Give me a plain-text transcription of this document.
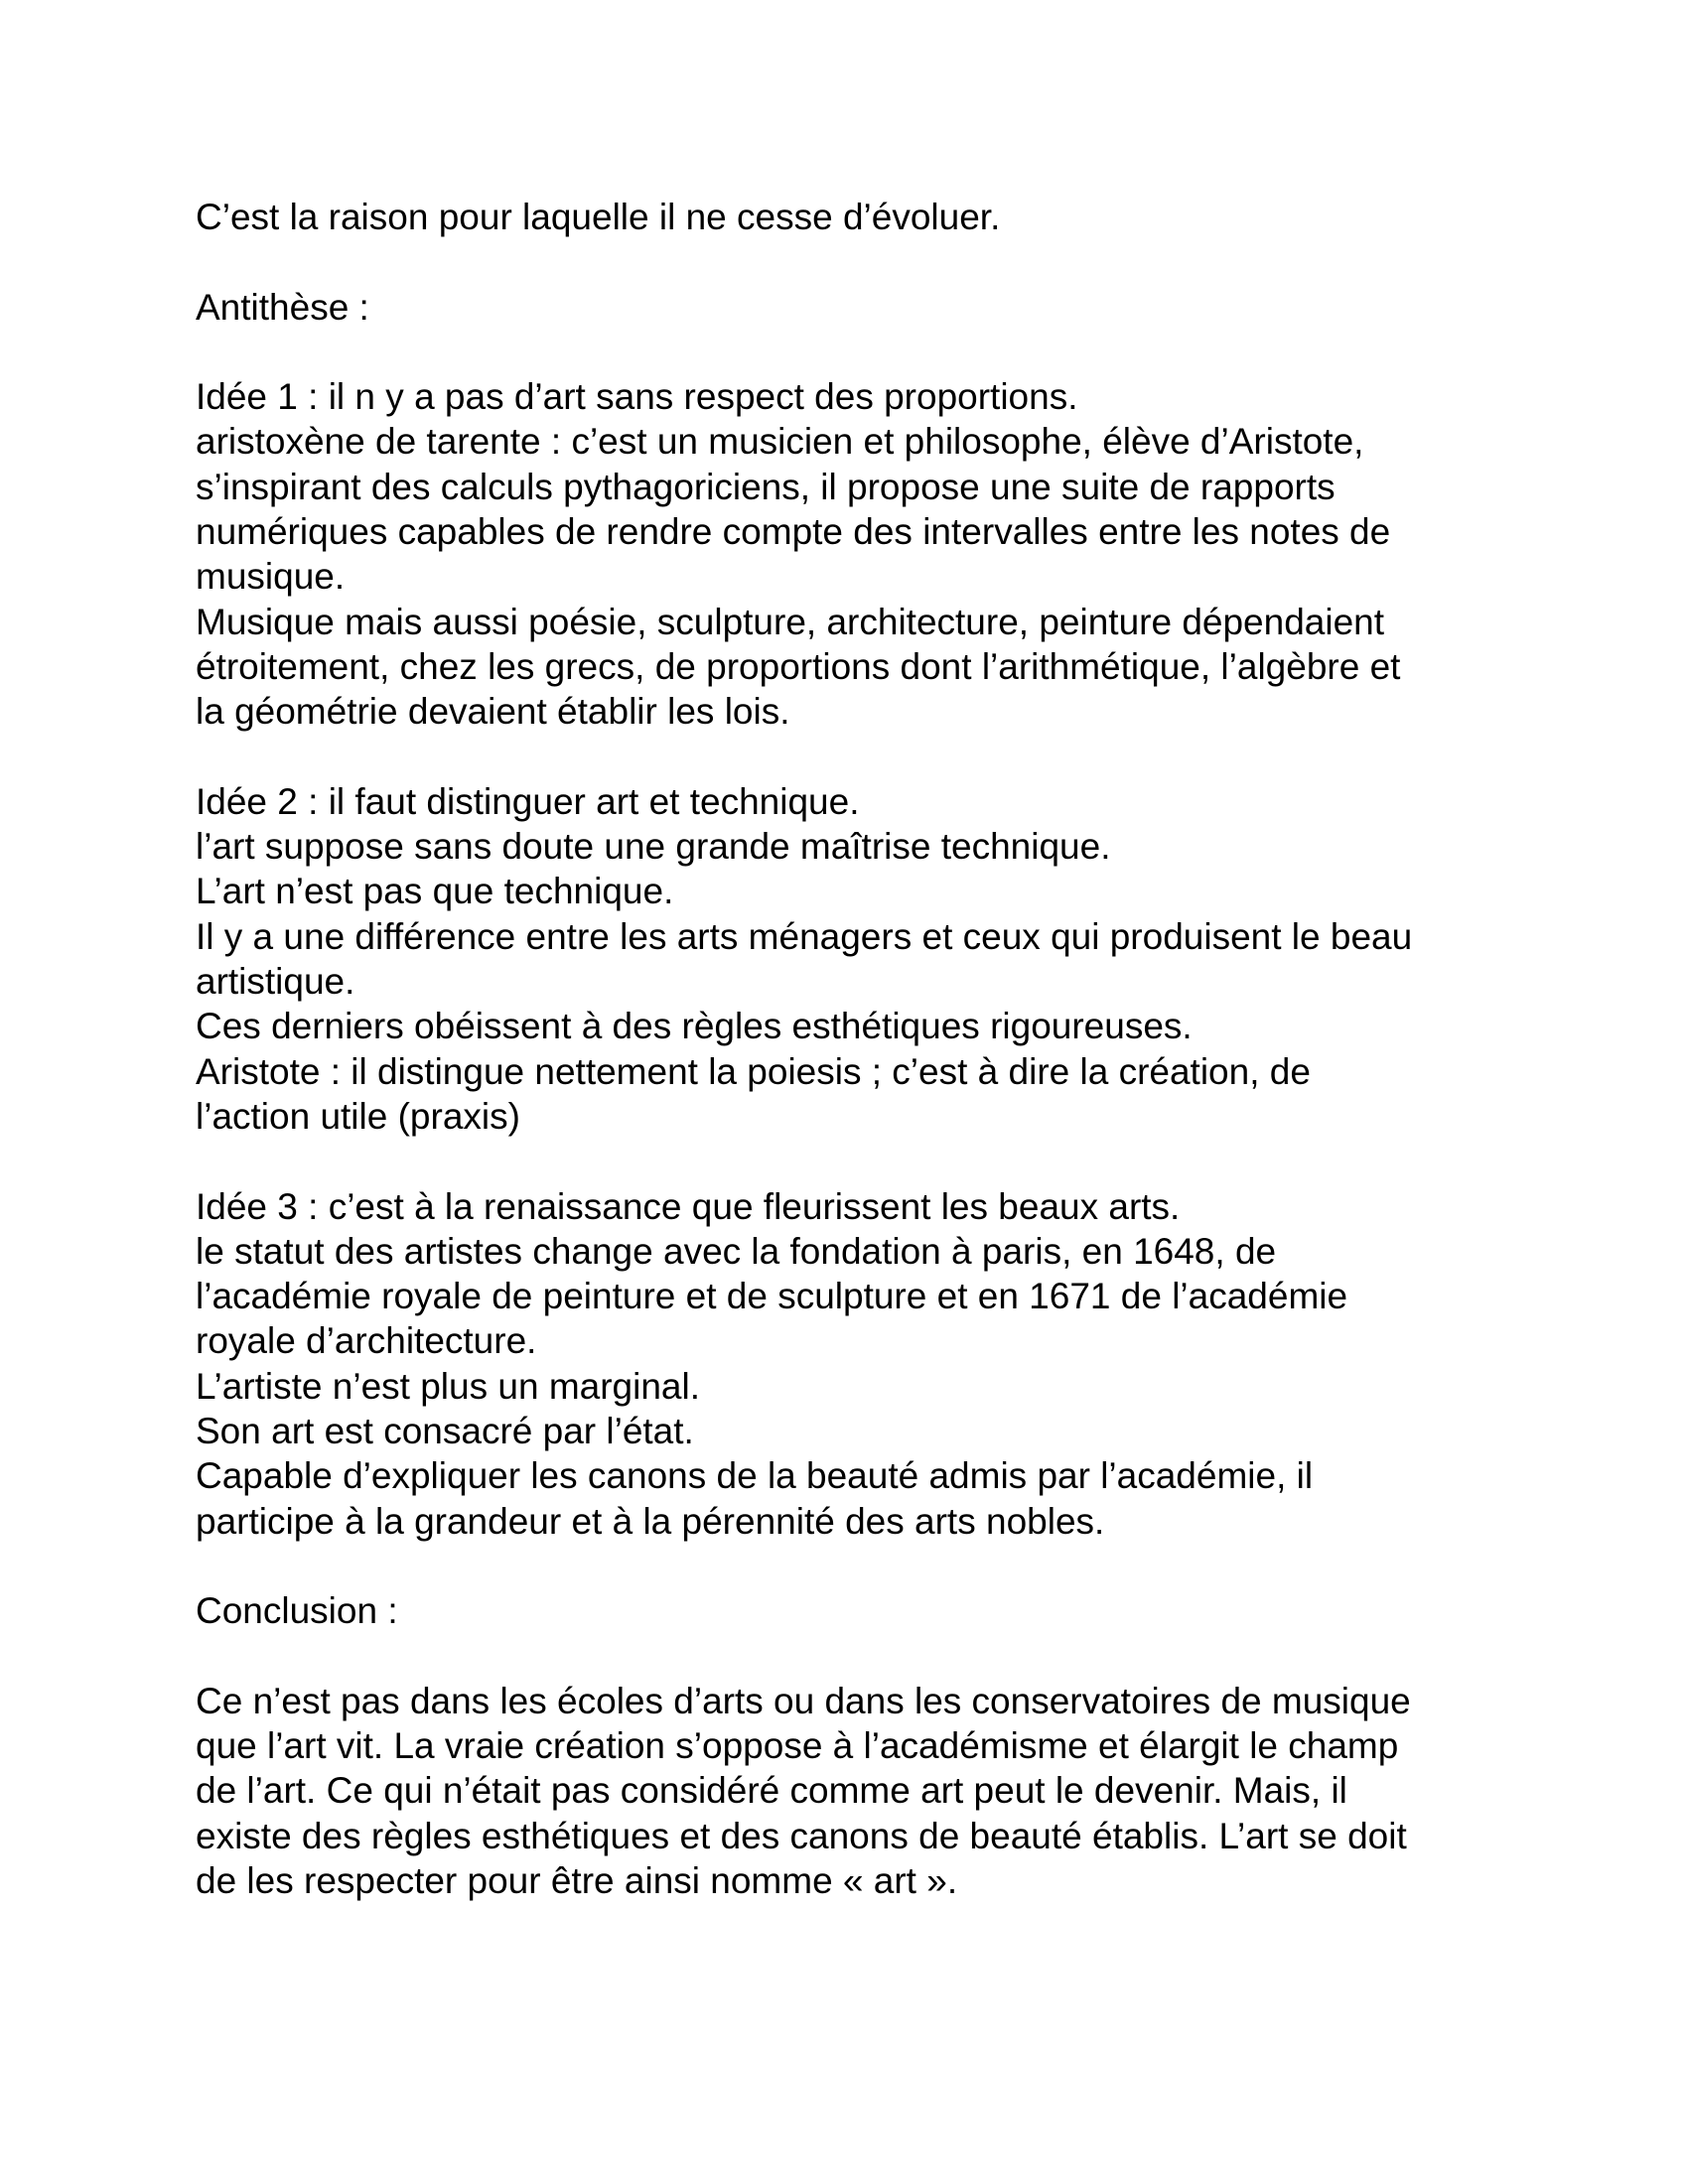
C’est la raison pour laquelle il ne cesse d’évoluer.
Antithèse :
Idée 1 : il n y a pas d’art sans respect des proportions.
aristoxène de tarente : c’est un musicien et philosophe, élève d’Aristote,
s’inspirant des calculs pythagoriciens, il propose une suite de rapports
numériques capables de rendre compte des intervalles entre les notes de
musique.
Musique mais aussi poésie, sculpture, architecture, peinture dépendaient
étroitement, chez les grecs, de proportions dont l’arithmétique, l’algèbre et
la géométrie devaient établir les lois.
Idée 2 : il faut distinguer art et technique.
l’art suppose sans doute une grande maîtrise technique.
L’art n’est pas que technique.
Il y a une différence entre les arts ménagers et ceux qui produisent le beau
artistique.
Ces derniers obéissent à des règles esthétiques rigoureuses.
Aristote : il distingue nettement la poiesis ; c’est à dire la création, de
l’action utile (praxis)
Idée 3 : c’est à la renaissance que fleurissent les beaux arts.
le statut des artistes change avec la fondation à paris, en 1648, de
l’académie royale de peinture et de sculpture et en 1671 de l’académie
royale d’architecture.
L’artiste n’est plus un marginal.
Son art est consacré par l’état.
Capable d’expliquer les canons de la beauté admis par l’académie, il
participe à la grandeur et à la pérennité des arts nobles.
Conclusion :
Ce n’est pas dans les écoles d’arts ou dans les conservatoires de musique
que l’art vit. La vraie création s’oppose à l’académisme et élargit le champ
de l’art. Ce qui n’était pas considéré comme art peut le devenir. Mais, il
existe des règles esthétiques et des canons de beauté établis. L’art se doit
de les respecter pour être ainsi nomme « art ».
